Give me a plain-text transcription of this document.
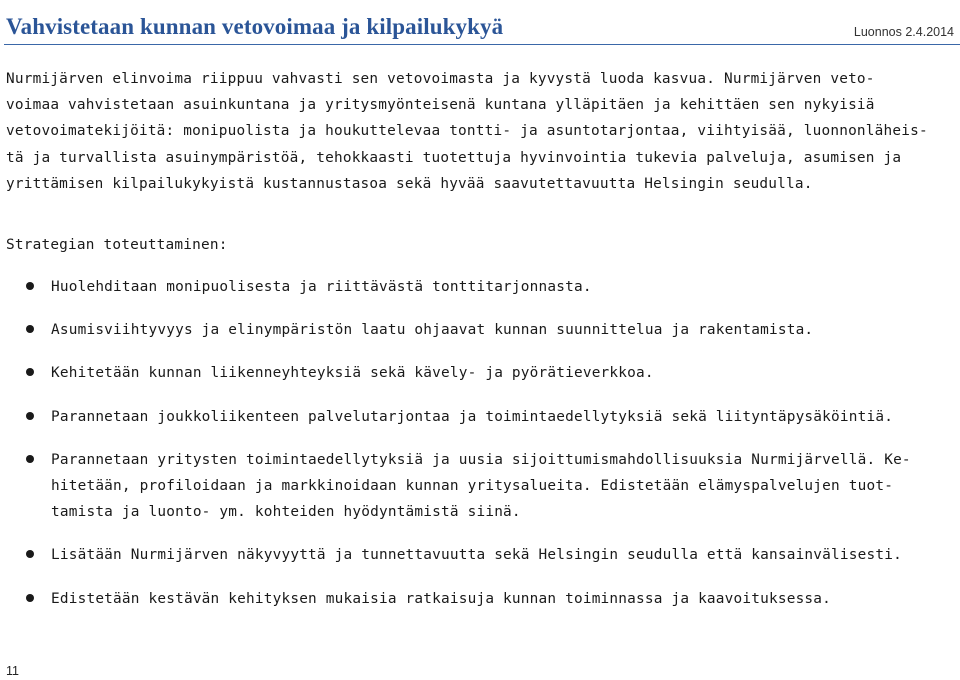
Vahvistetaan kunnan vetovoimaa ja kilpailukykyä	Luonnos 2.4.2014

Nurmijärven elinvoima riippuu vahvasti sen vetovoimasta ja kyvystä luoda kasvua. Nurmijärven veto-
voimaa vahvistetaan asuinkuntana ja yritysmyönteisenä kuntana ylläpitäen ja kehittäen sen nykyisiä
vetovoimatekijöitä: monipuolista ja houkuttelevaa tontti- ja asuntotarjontaa, viihtyisää, luonnonläheis-
tä ja turvallista asuinympäristöä, tehokkaasti tuotettuja hyvinvointia tukevia palveluja, asumisen ja
yrittämisen kilpailukykyistä kustannustasoa sekä hyvää saavutettavuutta Helsingin seudulla.

Strategian toteuttaminen:

Huolehditaan monipuolisesta ja riittävästä tonttitarjonnasta.
Asumisviihtyvyys ja elinympäristön laatu ohjaavat kunnan suunnittelua ja rakentamista.
Kehitetään kunnan liikenneyhteyksiä sekä kävely- ja pyörätieverkkoa.
Parannetaan joukkoliikenteen palvelutarjontaa ja toimintaedellytyksiä sekä liityntäpysäköintiä.
Parannetaan yritysten toimintaedellytyksiä ja uusia sijoittumismahdollisuuksia Nurmijärvellä. Ke-
hitetään, profiloidaan ja markkinoidaan kunnan yritysalueita. Edistetään elämyspalvelujen tuot-
tamista ja luonto- ym. kohteiden hyödyntämistä siinä.
Lisätään Nurmijärven näkyvyyttä ja tunnettavuutta sekä Helsingin seudulla että kansainvälisesti.
Edistetään kestävän kehityksen mukaisia ratkaisuja kunnan toiminnassa ja kaavoituksessa.
11
